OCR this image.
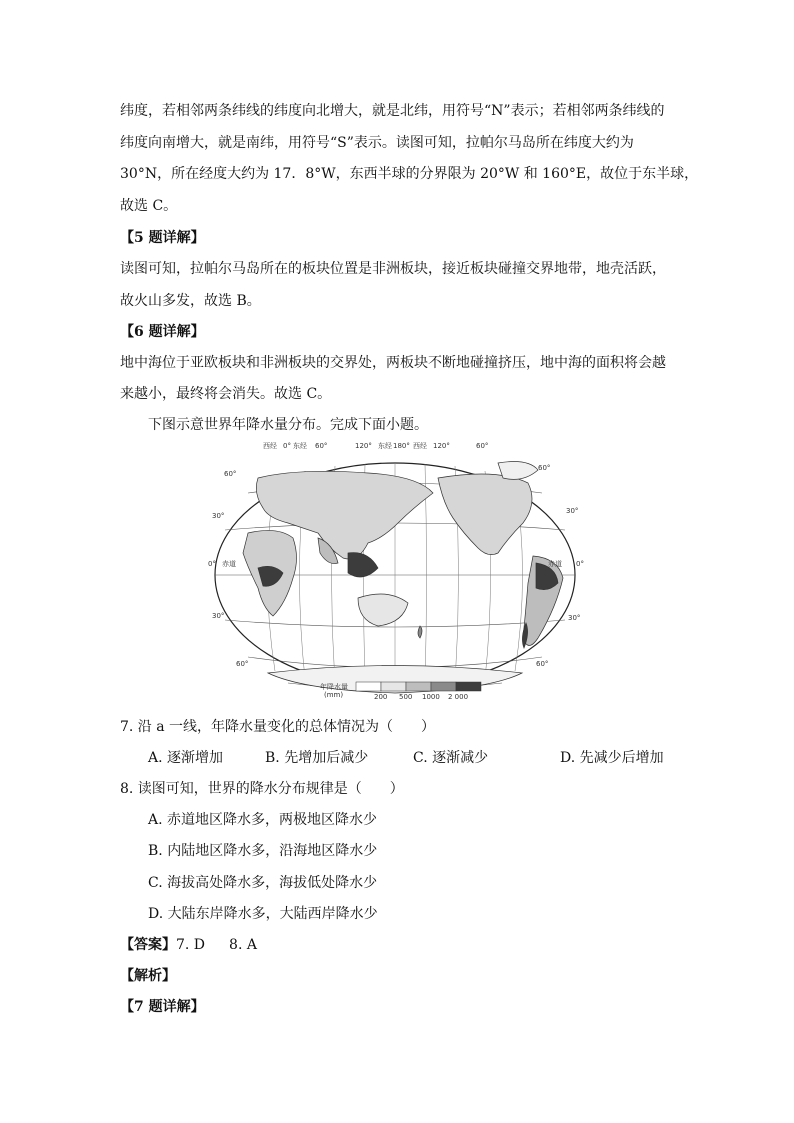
纬度，若相邻两条纬线的纬度向北增大，就是北纬，用符号“N”表示；若相邻两条纬线的
纬度向南增大，就是南纬，用符号“S”表示。读图可知，拉帕尔马岛所在纬度大约为
30°N，所在经度大约为 17．8°W，东西半球的分界限为 20°W 和 160°E，故位于东半球，
故选 C。
【5 题详解】
读图可知，拉帕尔马岛所在的板块位置是非洲板块，接近板块碰撞交界地带，地壳活跃，
故火山多发，故选 B。
【6 题详解】
地中海位于亚欧板块和非洲板块的交界处，两板块不断地碰撞挤压，地中海的面积将会越
来越小，最终将会消失。故选 C。
下图示意世界年降水量分布。完成下面小题。
西经 0° 东经 60°	120° 东经 180° 西经 120°	60°
60°
30°
0°
30°
60°
60°
30°
0°
30°
60°
赤道	赤道
年降水量
(mm)	200 500 1000 2 000
7. 沿 a 一线，年降水量变化的总体情况为（　　）
A. 逐渐增加	B. 先增加后减少	C. 逐渐减少	D. 先减少后增加
8. 读图可知，世界的降水分布规律是（　　）
A. 赤道地区降水多，两极地区降水少
B. 内陆地区降水多，沿海地区降水少
C. 海拔高处降水多，海拔低处降水少
D. 大陆东岸降水多，大陆西岸降水少
【答案】7. D 8. A
【解析】
【7 题详解】
